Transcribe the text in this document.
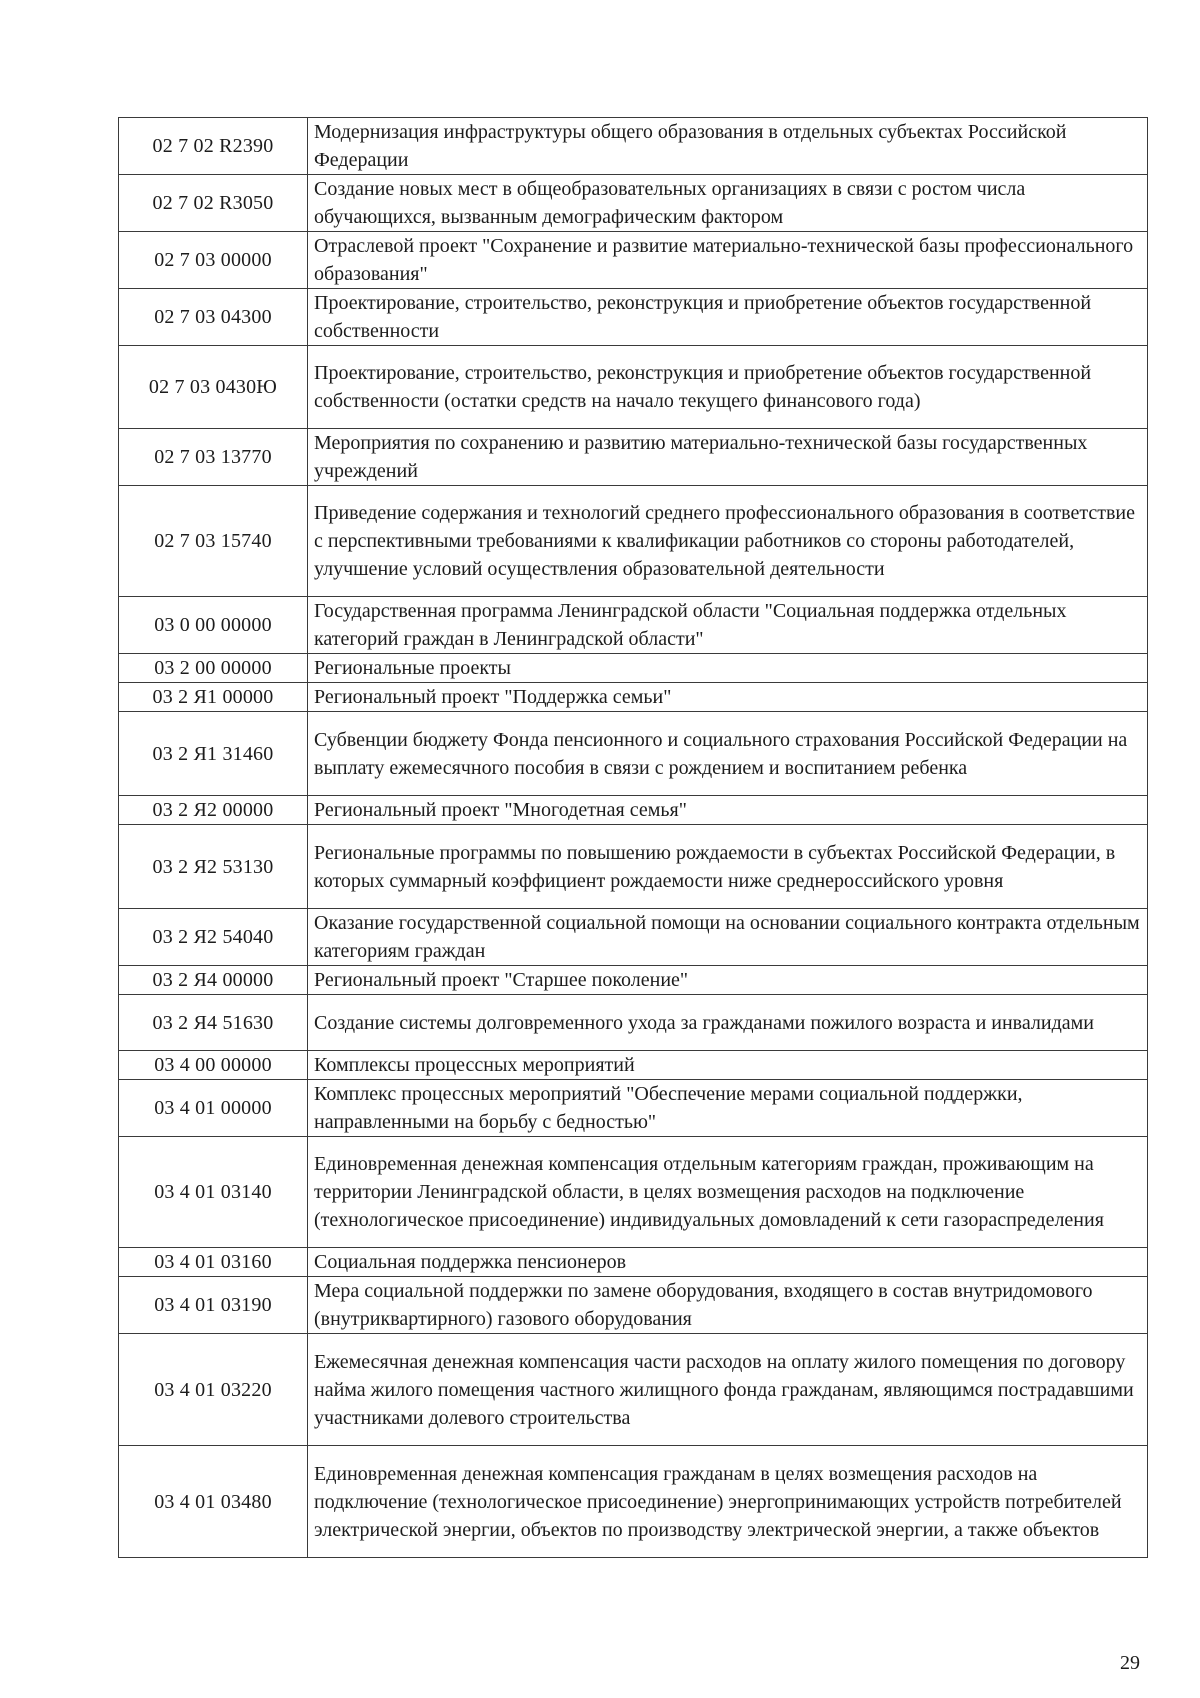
02 7 02 R2390	Модернизация инфраструктуры общего образования в отдельных субъектах Российской Федерации
02 7 02 R3050	Создание новых мест в общеобразовательных организациях в связи с ростом числа обучающихся, вызванным демографическим фактором
02 7 03 00000	Отраслевой проект "Сохранение и развитие материально-технической базы профессионального образования"
02 7 03 04300	Проектирование, строительство, реконструкция и приобретение объектов государственной собственности
02 7 03 0430Ю	Проектирование, строительство, реконструкция и приобретение объектов государственной собственности (остатки средств на начало текущего финансового года)
02 7 03 13770	Мероприятия по сохранению и развитию материально-технической базы государственных учреждений
02 7 03 15740	Приведение содержания и технологий среднего профессионального образования в соответствие с перспективными требованиями к квалификации работников со стороны работодателей, улучшение условий осуществления образовательной деятельности
03 0 00 00000	Государственная программа Ленинградской области "Социальная поддержка отдельных категорий граждан в Ленинградской области"
03 2 00 00000	Региональные проекты
03 2 Я1 00000	Региональный проект "Поддержка семьи"
03 2 Я1 31460	Субвенции бюджету Фонда пенсионного и социального страхования Российской Федерации на выплату ежемесячного пособия в связи с рождением и воспитанием ребенка
03 2 Я2 00000	Региональный проект "Многодетная семья"
03 2 Я2 53130	Региональные программы по повышению рождаемости в субъектах Российской Федерации, в которых суммарный коэффициент рождаемости ниже среднероссийского уровня
03 2 Я2 54040	Оказание государственной социальной помощи на основании социального контракта отдельным категориям граждан
03 2 Я4 00000	Региональный проект "Старшее поколение"
03 2 Я4 51630	Создание системы долговременного ухода за гражданами пожилого возраста и инвалидами
03 4 00 00000	Комплексы процессных мероприятий
03 4 01 00000	Комплекс процессных мероприятий "Обеспечение мерами социальной поддержки, направленными на борьбу с бедностью"
03 4 01 03140	Единовременная денежная компенсация отдельным категориям граждан, проживающим на территории Ленинградской области, в целях возмещения расходов на подключение (технологическое присоединение) индивидуальных домовладений к сети газораспределения
03 4 01 03160	Социальная поддержка пенсионеров
03 4 01 03190	Мера социальной поддержки по замене оборудования, входящего в состав внутридомового (внутриквартирного) газового оборудования
03 4 01 03220	Ежемесячная денежная компенсация части расходов на оплату жилого помещения по договору найма жилого помещения частного жилищного фонда гражданам, являющимся пострадавшими участниками долевого строительства
03 4 01 03480	Единовременная денежная компенсация гражданам в целях возмещения расходов на подключение (технологическое присоединение) энергопринимающих устройств потребителей электрической энергии, объектов по производству электрической энергии, а также объектов
29
